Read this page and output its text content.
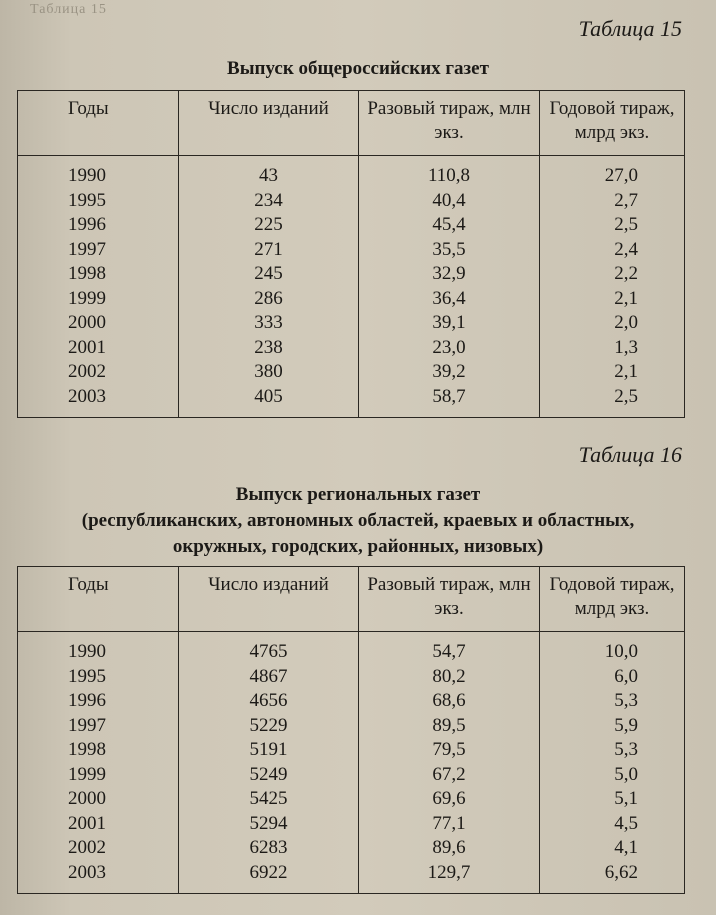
Таблица 15
Таблица 15
Выпуск общероссийских газет
Годы	Число изданий	Разовый тираж, млн экз.	Годовой тираж, млрд экз.
1990	43	110,8	27,0
1995	234	40,4	2,7
1996	225	45,4	2,5
1997	271	35,5	2,4
1998	245	32,9	2,2
1999	286	36,4	2,1
2000	333	39,1	2,0
2001	238	23,0	1,3
2002	380	39,2	2,1
2003	405	58,7	2,5
Таблица 16
Выпуск региональных газет
(республиканских, автономных областей, краевых и областных,
окружных, городских, районных, низовых)
Годы	Число изданий	Разовый тираж, млн экз.	Годовой тираж, млрд экз.
1990	4765	54,7	10,0
1995	4867	80,2	6,0
1996	4656	68,6	5,3
1997	5229	89,5	5,9
1998	5191	79,5	5,3
1999	5249	67,2	5,0
2000	5425	69,6	5,1
2001	5294	77,1	4,5
2002	6283	89,6	4,1
2003	6922	129,7	6,62
